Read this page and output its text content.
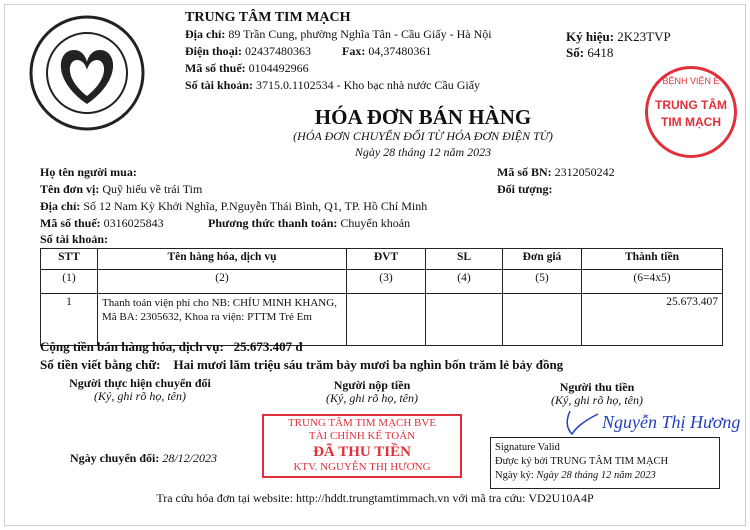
TRUNG TÂM TIM MẠCH
Địa chỉ: 89 Trần Cung, phường Nghĩa Tân - Cầu Giấy - Hà Nội
Điện thoại: 02437480363	Fax: 04,37480361
Mã số thuế: 0104492966
Số tài khoản: 3715.0.1102534 - Kho bạc nhà nước Cầu Giấy
Ký hiệu: 2K23TVP
Số: 6418
HÓA ĐƠN BÁN HÀNG
(HÓA ĐƠN CHUYỂN ĐỔI TỪ HÓA ĐƠN ĐIỆN TỬ)
Ngày 28 tháng 12 năm 2023
Họ tên người mua:
Tên đơn vị: Quỹ hiếu về trái Tim
Địa chỉ: Số 12 Nam Kỳ Khởi Nghĩa, P.Nguyễn Thái Bình, Q1, TP. Hồ Chí Minh
Mã số thuế: 0316025843	Phương thức thanh toán: Chuyển khoản
Số tài khoản:
Mã số BN: 2312050242
Đối tượng:
STT	Tên hàng hóa, dịch vụ	ĐVT	SL	Đơn giá	Thành tiền
(1)	(2)	(3)	(4)	(5)	(6=4x5)
1	Thanh toán viện phí cho NB: CHÍU MINH KHANG, Mã BA: 2305632, Khoa ra viện: PTTM Trẻ Em				25.673.407
Cộng tiền bán hàng hóa, dịch vụ: 25.673.407 đ
Số tiền viết bằng chữ: Hai mươi lăm triệu sáu trăm bảy mươi ba nghìn bốn trăm lẻ bảy đồng
Người thực hiện chuyển đổi
(Ký, ghi rõ họ, tên)
Người nộp tiền
(Ký, ghi rõ họ, tên)
Người thu tiền
(Ký, ghi rõ họ, tên)
Nguyễn Thị Hương
Ngày chuyển đổi: 28/12/2023
Signature Valid
Được ký bởi TRUNG TÂM TIM MẠCH
Ngày ký: Ngày 28 tháng 12 năm 2023
Tra cứu hóa đơn tại website: http://hddt.trungtamtimmach.vn với mã tra cứu: VD2U10A4P
BỆNH VIỆN E
TRUNG TÂM
TIM MẠCH
TRUNG TÂM TIM MẠCH BVE
TÀI CHÍNH KẾ TOÁN
ĐÃ THU TIỀN
KTV. NGUYỄN THỊ HƯƠNG
